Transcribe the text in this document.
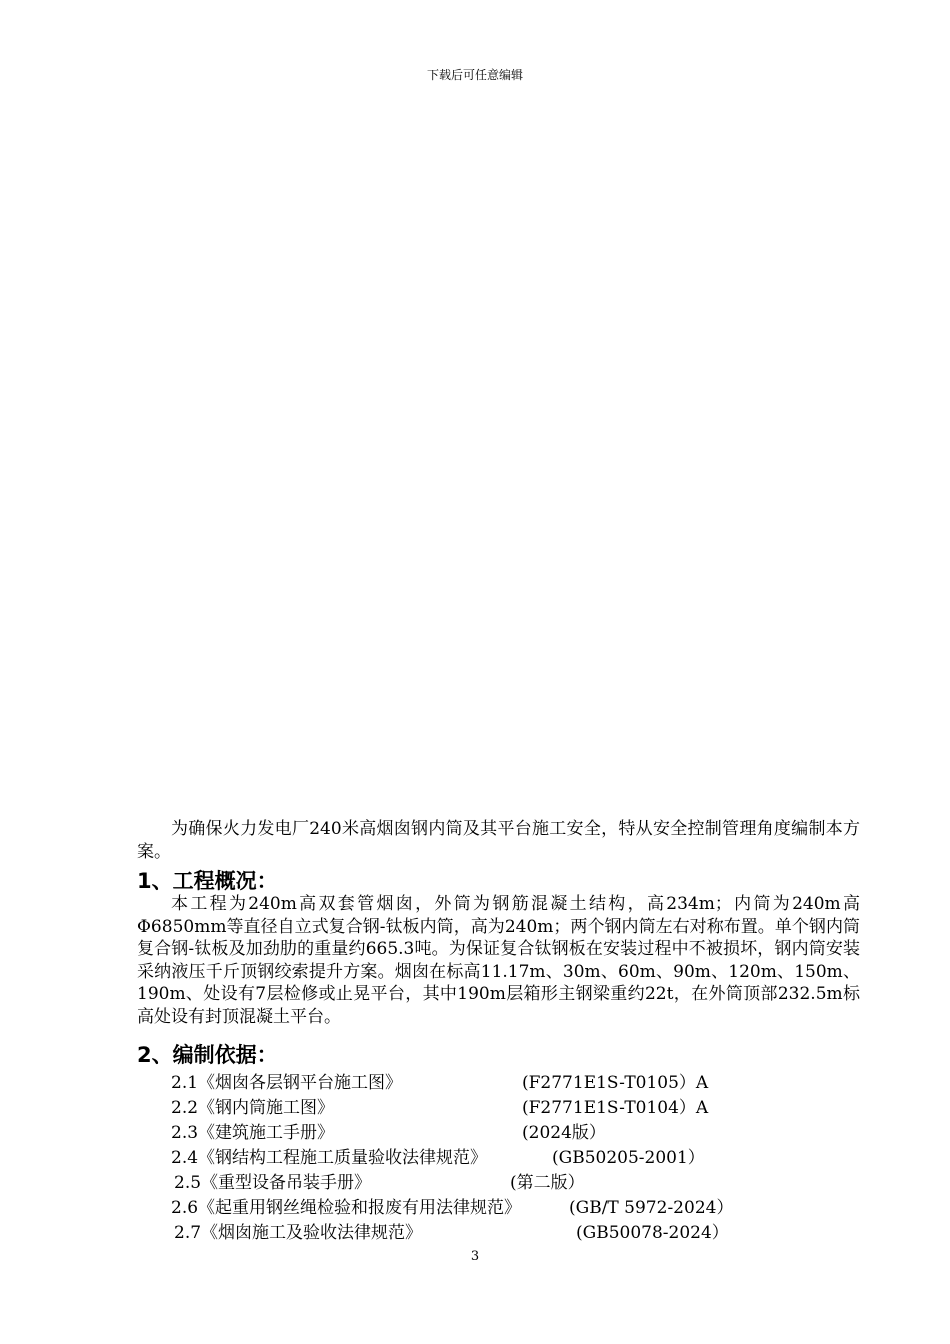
下载后可任意编辑

为确保火力发电厂240米高烟囱钢内筒及其平台施工安全，特从安全控制管理角度编制本方案。

1、工程概况：

本工程为240m高双套管烟囱，外筒为钢筋混凝土结构，高234m；内筒为240m高Φ6850mm等直径自立式复合钢-钛板内筒，高为240m；两个钢内筒左右对称布置。单个钢内筒复合钢-钛板及加劲肋的重量约665.3吨。为保证复合钛钢板在安装过程中不被损坏，钢内筒安装采纳液压千斤顶钢绞索提升方案。烟囱在标高11.17m、30m、60m、90m、120m、150m、190m、处设有7层检修或止晃平台，其中190m层箱形主钢梁重约22t，在外筒顶部232.5m标高处设有封顶混凝土平台。

2、编制依据：
2.1《烟囱各层钢平台施工图》	(F2771E1S-T0105）A
2.2《钢内筒施工图》	(F2771E1S-T0104）A
2.3《建筑施工手册》	(2024版）
2.4《钢结构工程施工质量验收法律规范》	(GB50205-2001）
2.5《重型设备吊装手册》	(第二版）
2.6《起重用钢丝绳检验和报废有用法律规范》	(GB/T 5972-2024）
2.7《烟囱施工及验收法律规范》	(GB50078-2024）
3
